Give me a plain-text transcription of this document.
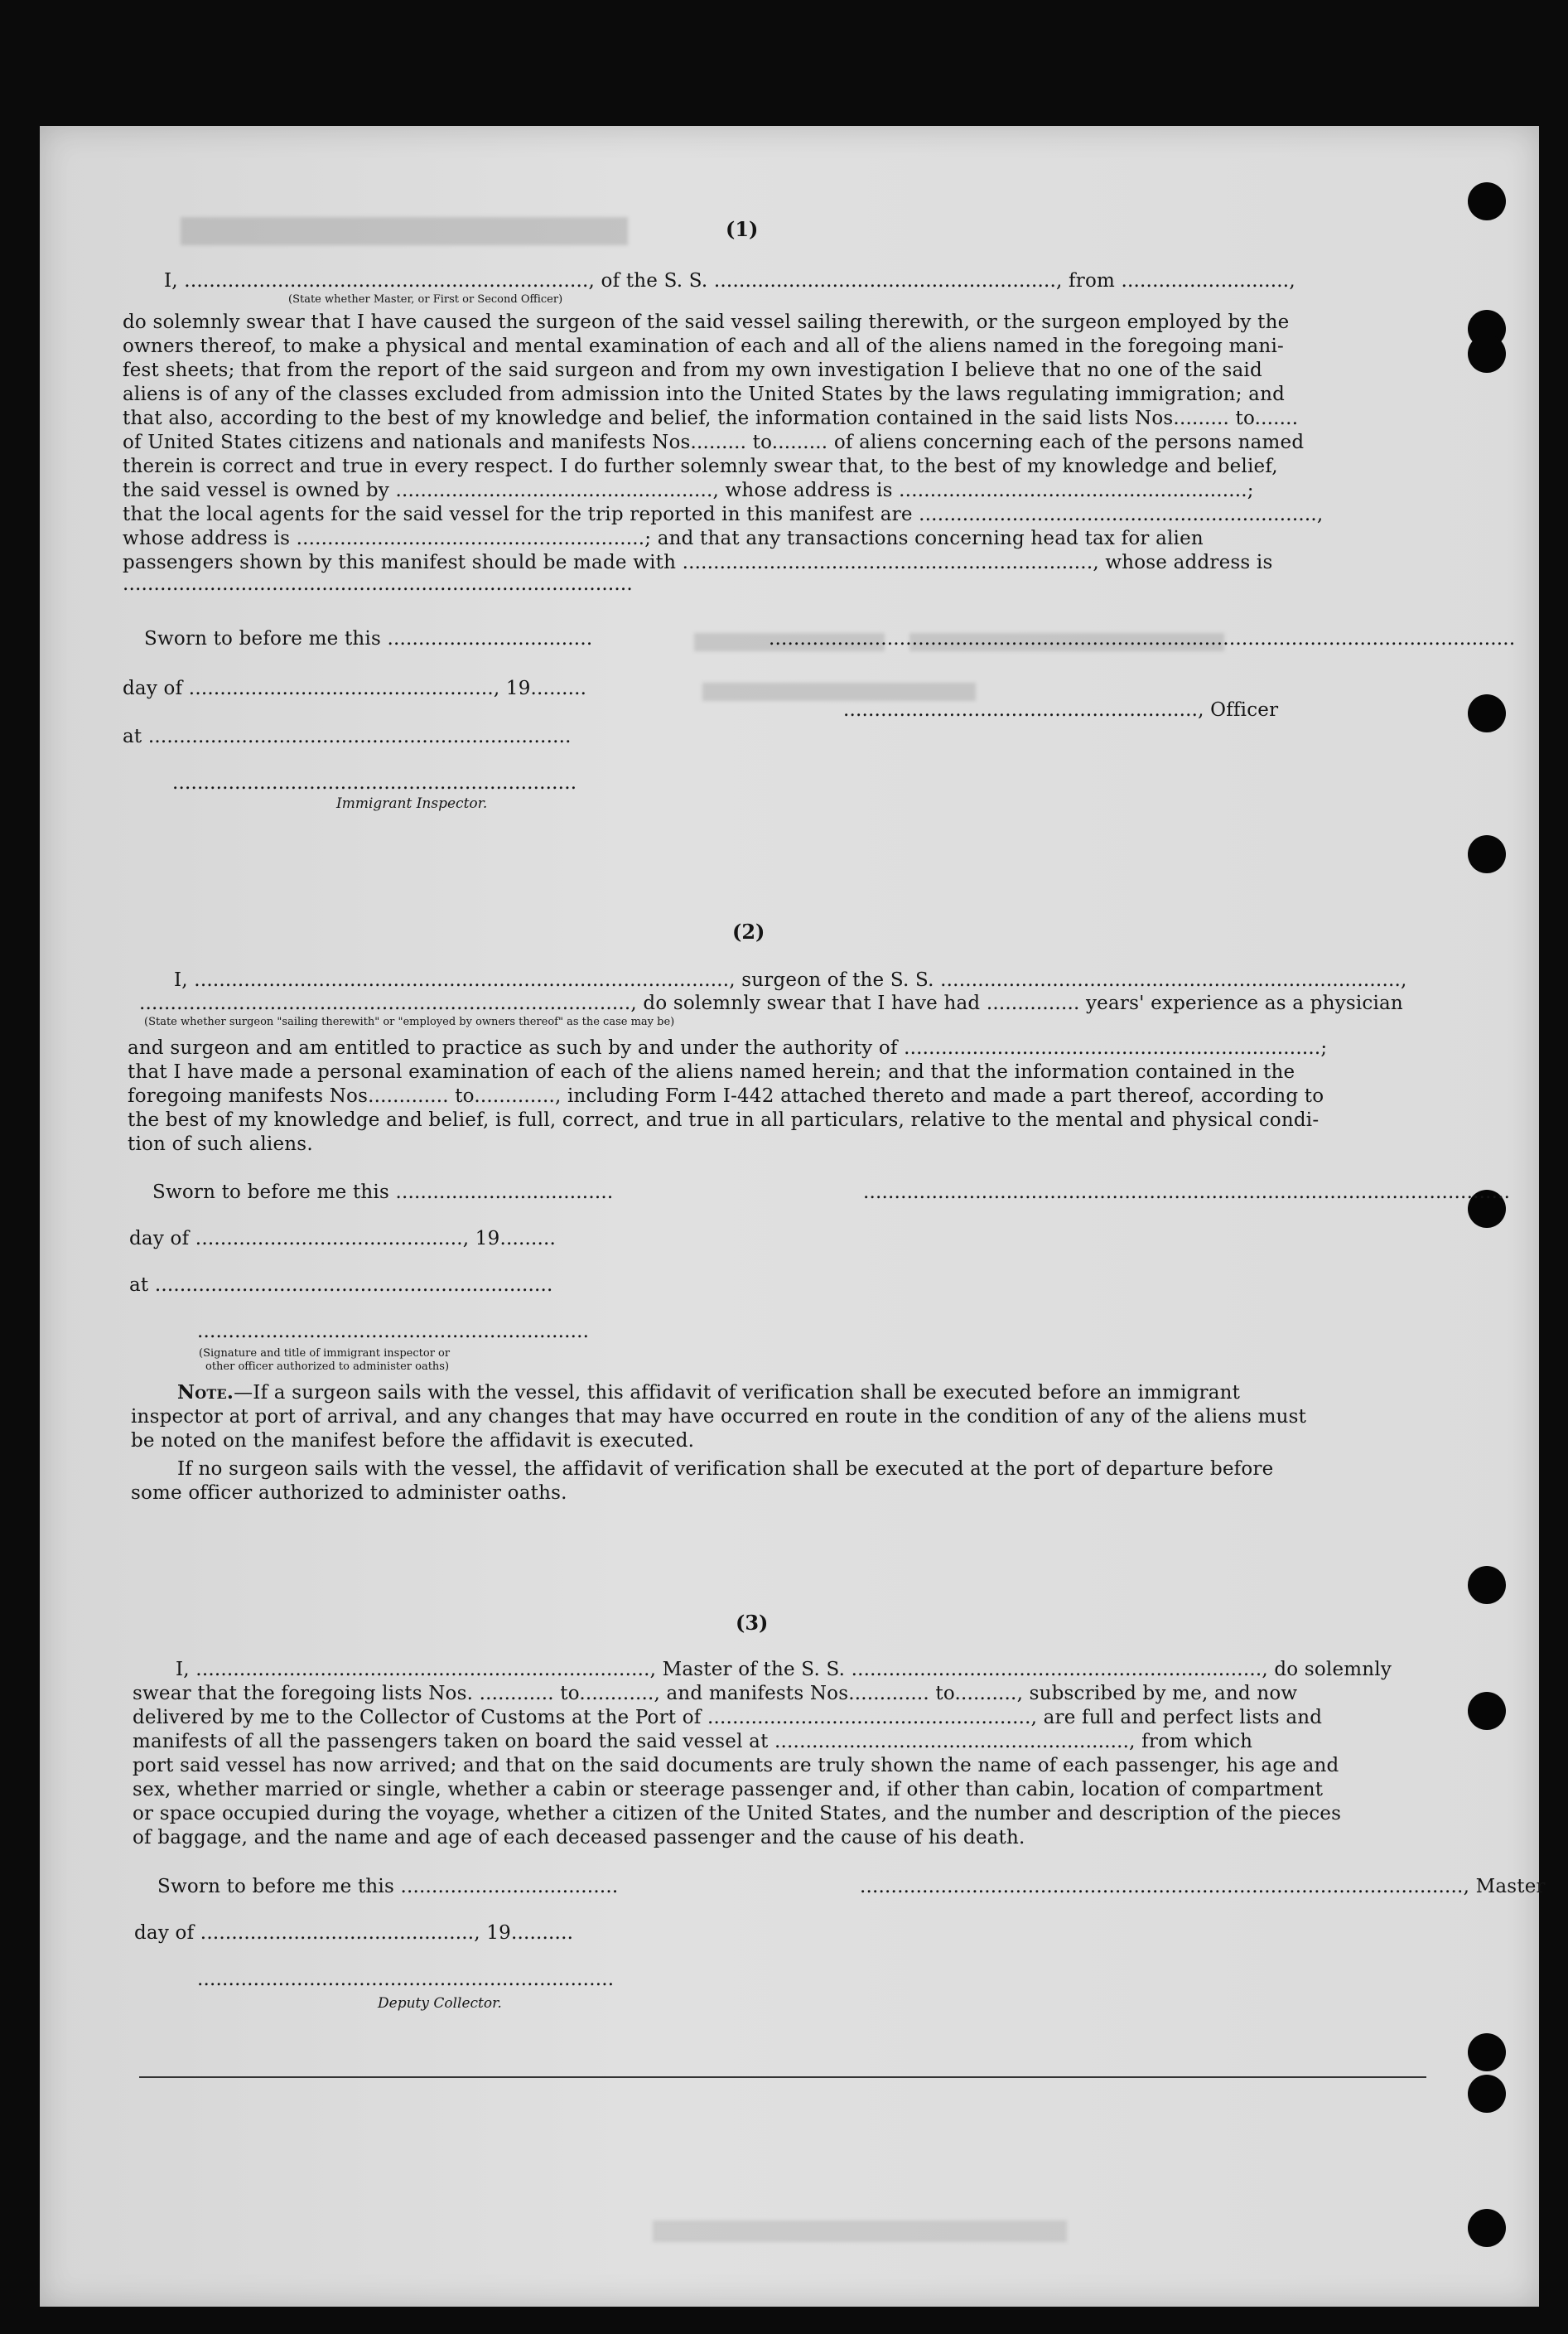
(1)
I, ................................................................., of the S. S. ......................................................., from ...........................,
(State whether Master, or First or Second Officer)
do solemnly swear that I have caused the surgeon of the said vessel sailing therewith, or the surgeon employed by the
owners thereof, to make a physical and mental examination of each and all of the aliens named in the foregoing mani-
fest sheets; that from the report of the said surgeon and from my own investigation I believe that no one of the said
aliens is of any of the classes excluded from admission into the United States by the laws regulating immigration; and
that also, according to the best of my knowledge and belief, the information contained in the said lists Nos......... to.......
of United States citizens and nationals and manifests Nos......... to......... of aliens concerning each of the persons named
therein is correct and true in every respect. I do further solemnly swear that, to the best of my knowledge and belief,
the said vessel is owned by ..................................................., whose address is ........................................................;
that the local agents for the said vessel for the trip reported in this manifest are ................................................................,
whose address is ........................................................; and that any transactions concerning head tax for alien
passengers shown by this manifest should be made with .................................................................., whose address is
..................................................................................
Sworn to before me this .................................	........................................................................................................................
day of ................................................., 19.........
........................................................., Officer
at ....................................................................
.................................................................
Immigrant Inspector.
(2)
I, ......................................................................................, surgeon of the S. S. ..........................................................................,
..............................................................................., do solemnly swear that I have had ............... years' experience as a physician
(State whether surgeon "sailing therewith" or "employed by owners thereof" as the case may be)
and surgeon and am entitled to practice as such by and under the authority of ...................................................................;
that I have made a personal examination of each of the aliens named herein; and that the information contained in the
foregoing manifests Nos............. to............., including Form I-442 attached thereto and made a part thereof, according to
the best of my knowledge and belief, is full, correct, and true in all particulars, relative to the mental and physical condi-
tion of such aliens.
Sworn to before me this ...................................	........................................................................................................
day of ..........................................., 19.........
at ................................................................
...............................................................
(Signature and title of immigrant inspector or
other officer authorized to administer oaths)
Note.—If a surgeon sails with the vessel, this affidavit of verification shall be executed before an immigrant
inspector at port of arrival, and any changes that may have occurred en route in the condition of any of the aliens must
be noted on the manifest before the affidavit is executed.
If no surgeon sails with the vessel, the affidavit of verification shall be executed at the port of departure before
some officer authorized to administer oaths.
(3)
I, ........................................................................., Master of the S. S. .................................................................., do solemnly
swear that the foregoing lists Nos. ............ to............, and manifests Nos............. to.........., subscribed by me, and now
delivered by me to the Collector of Customs at the Port of ...................................................., are full and perfect lists and
manifests of all the passengers taken on board the said vessel at ........................................................., from which
port said vessel has now arrived; and that on the said documents are truly shown the name of each passenger, his age and
sex, whether married or single, whether a cabin or steerage passenger and, if other than cabin, location of compartment
or space occupied during the voyage, whether a citizen of the United States, and the number and description of the pieces
of baggage, and the name and age of each deceased passenger and the cause of his death.
Sworn to before me this ...................................	................................................................................................., Master
day of ............................................, 19..........
...................................................................
Deputy Collector.
